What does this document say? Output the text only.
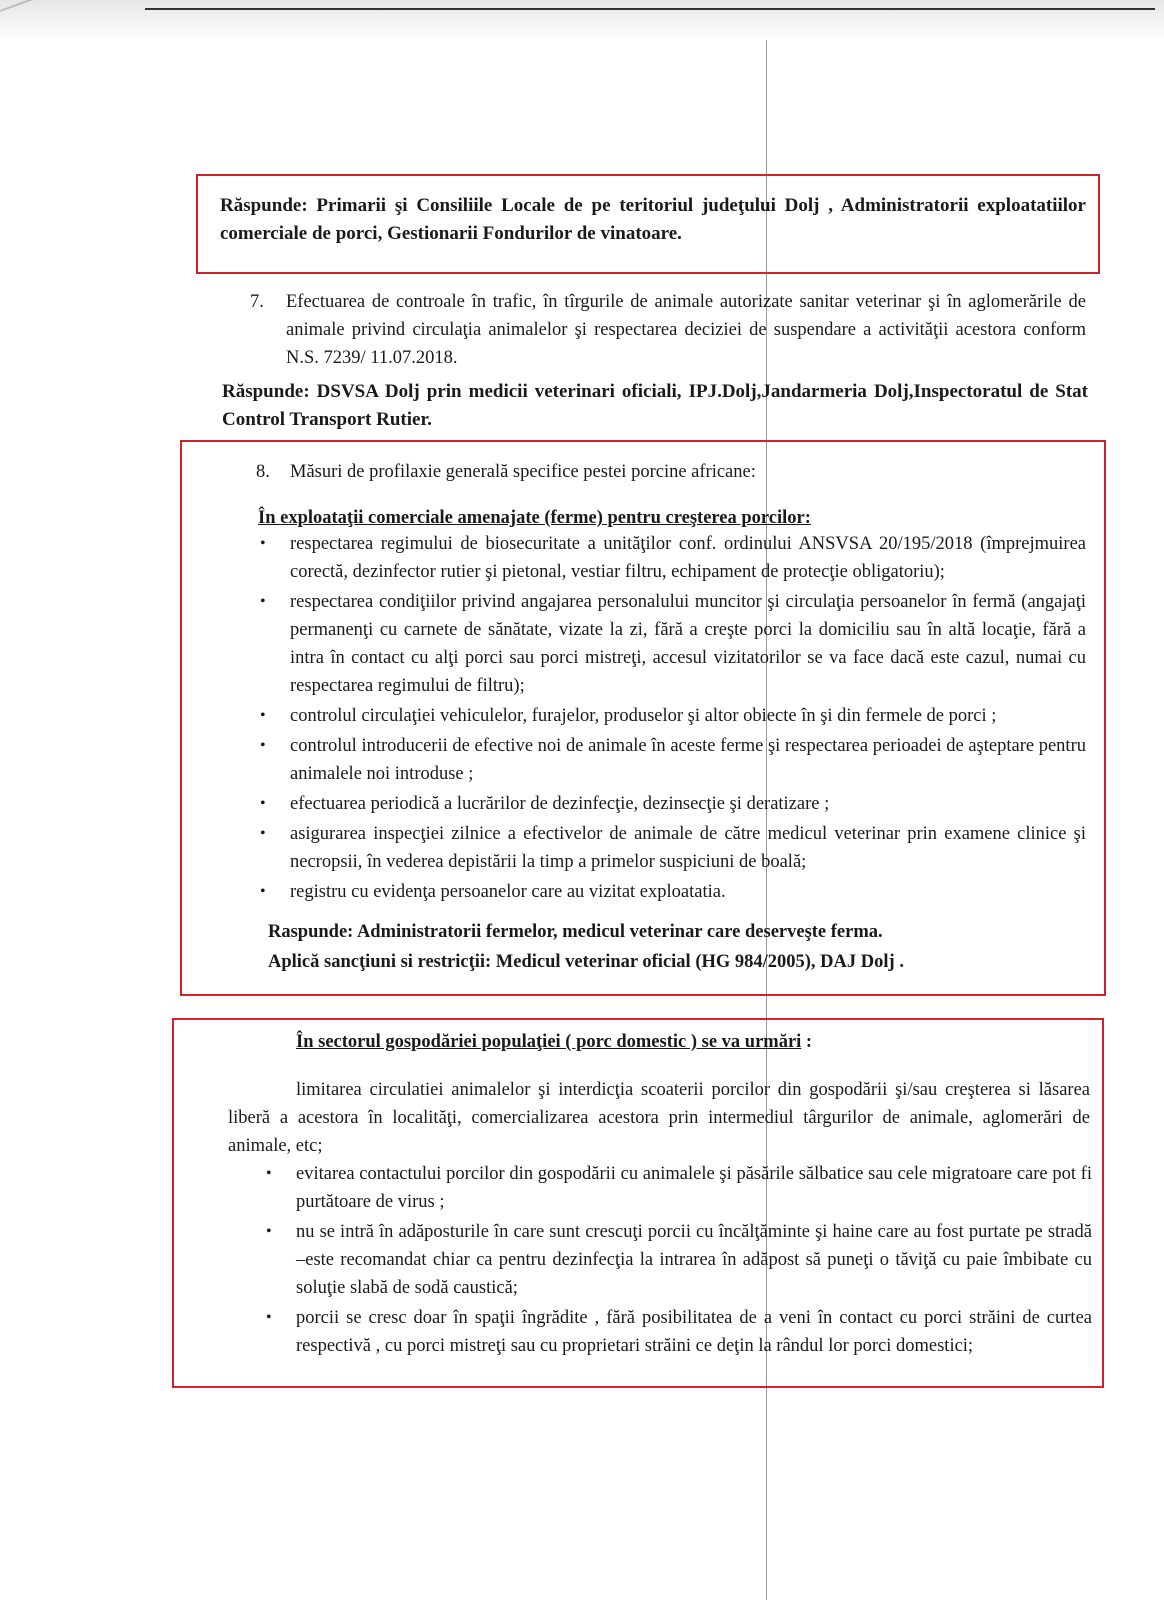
Răspunde: Primarii şi Consiliile Locale de pe teritoriul judeţului Dolj , Administratorii exploatatiilor comerciale de porci, Gestionarii Fondurilor de vinatoare.
7.	Efectuarea de controale în trafic, în tîrgurile de animale autorizate sanitar veterinar şi în aglomerările de animale privind circulaţia animalelor şi respectarea deciziei de suspendare a activităţii acestora conform N.S. 7239/ 11.07.2018.
Răspunde: DSVSA Dolj prin medicii veterinari oficiali, IPJ.Dolj,Jandarmeria Dolj,Inspectoratul de Stat Control Transport Rutier.
8.	Măsuri de profilaxie generală specifice pestei porcine africane:
În exploataţii comerciale amenajate (ferme) pentru creşterea porcilor:
• respectarea regimului de biosecuritate a unităţilor conf. ordinului ANSVSA 20/195/2018 (împrejmuirea corectă, dezinfector rutier şi pietonal, vestiar filtru, echipament de protecţie obligatoriu);
• respectarea condiţiilor privind angajarea personalului muncitor şi circulaţia persoanelor în fermă (angajaţi permanenţi cu carnete de sănătate, vizate la zi, fără a creşte porci la domiciliu sau în altă locaţie, fără a intra în contact cu alţi porci sau porci mistreţi, accesul vizitatorilor se va face dacă este cazul, numai cu respectarea regimului de filtru);
• controlul circulaţiei vehiculelor, furajelor, produselor şi altor obiecte în şi din fermele de porci ;
• controlul introducerii de efective noi de animale în aceste ferme şi respectarea perioadei de aşteptare pentru animalele noi introduse ;
• efectuarea periodică a lucrărilor de dezinfecţie, dezinsecţie şi deratizare ;
• asigurarea inspecţiei zilnice a efectivelor de animale de către medicul veterinar prin examene clinice şi necropsii, în vederea depistării la timp a primelor suspiciuni de boală;
• registru cu evidenţa persoanelor care au vizitat exploatatia.
Raspunde: Administratorii fermelor, medicul veterinar care deserveşte ferma.
Aplică sancţiuni si restricţii: Medicul veterinar oficial (HG 984/2005), DAJ Dolj .
În sectorul gospodăriei populaţiei ( porc domestic ) se va urmări :
limitarea circulatiei animalelor şi interdicţia scoaterii porcilor din gospodării şi/sau creşterea si lăsarea liberă a acestora în localităţi, comercializarea acestora prin intermediul târgurilor de animale, aglomerări de animale, etc;
• evitarea contactului porcilor din gospodării cu animalele şi păsările sălbatice sau cele migratoare care pot fi purtătoare de virus ;
• nu se intră în adăposturile în care sunt crescuţi porcii cu încălţăminte şi haine care au fost purtate pe stradă –este recomandat chiar ca pentru dezinfecţia la intrarea în adăpost să puneţi o tăviţă cu paie îmbibate cu soluţie slabă de sodă caustică;
• porcii se cresc doar în spaţii îngrădite , fără posibilitatea de a veni în contact cu porci străini de curtea respectivă , cu porci mistreţi sau cu proprietari străini ce deţin la rândul lor porci domestici;
